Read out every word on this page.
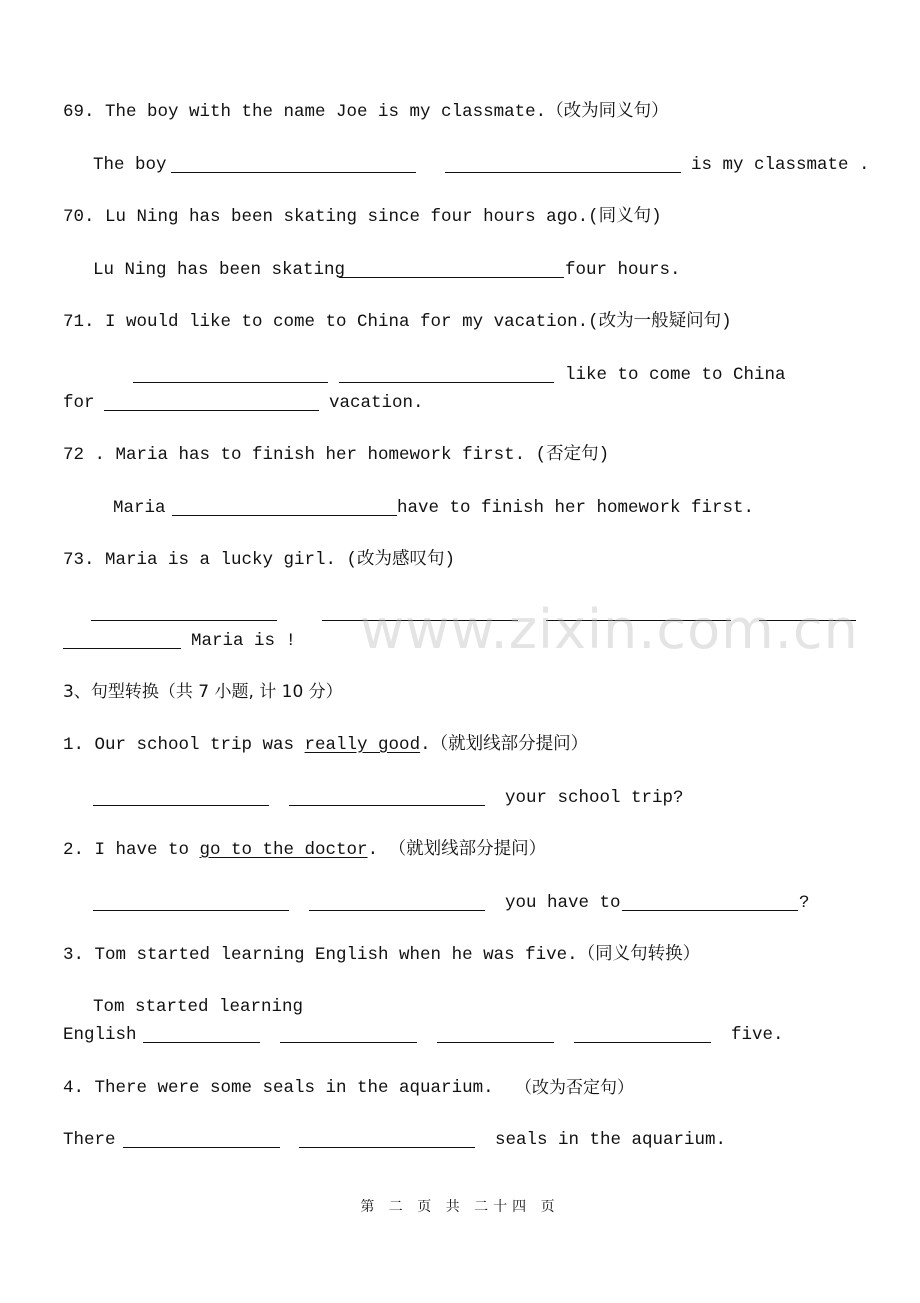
69. The boy with the name Joe is my classmate.（改为同义句）
The boy	is my classmate .
70. Lu Ning has been skating since four hours ago.(同义句)
Lu Ning has been skating	four hours.
71. I would like to come to China for my vacation.(改为一般疑问句)
like to come to China
for	vacation.
72 . Maria has to finish her homework first. (否定句)
Maria	have to finish her homework first.
73. Maria is a lucky girl. (改为感叹句)
Maria is !
3、句型转换（共 7 小题, 计 10 分）
1. Our school trip was really good.（就划线部分提问）
your school trip?
2. I have to go to the doctor. （就划线部分提问）
you have to	?
3. Tom started learning English when he was five.（同义句转换）
Tom started learning
English	five.
4. There were some seals in the aquarium. （改为否定句）
There	seals in the aquarium.
www.zixin.com.cn
第 二 页 共 二十四 页
